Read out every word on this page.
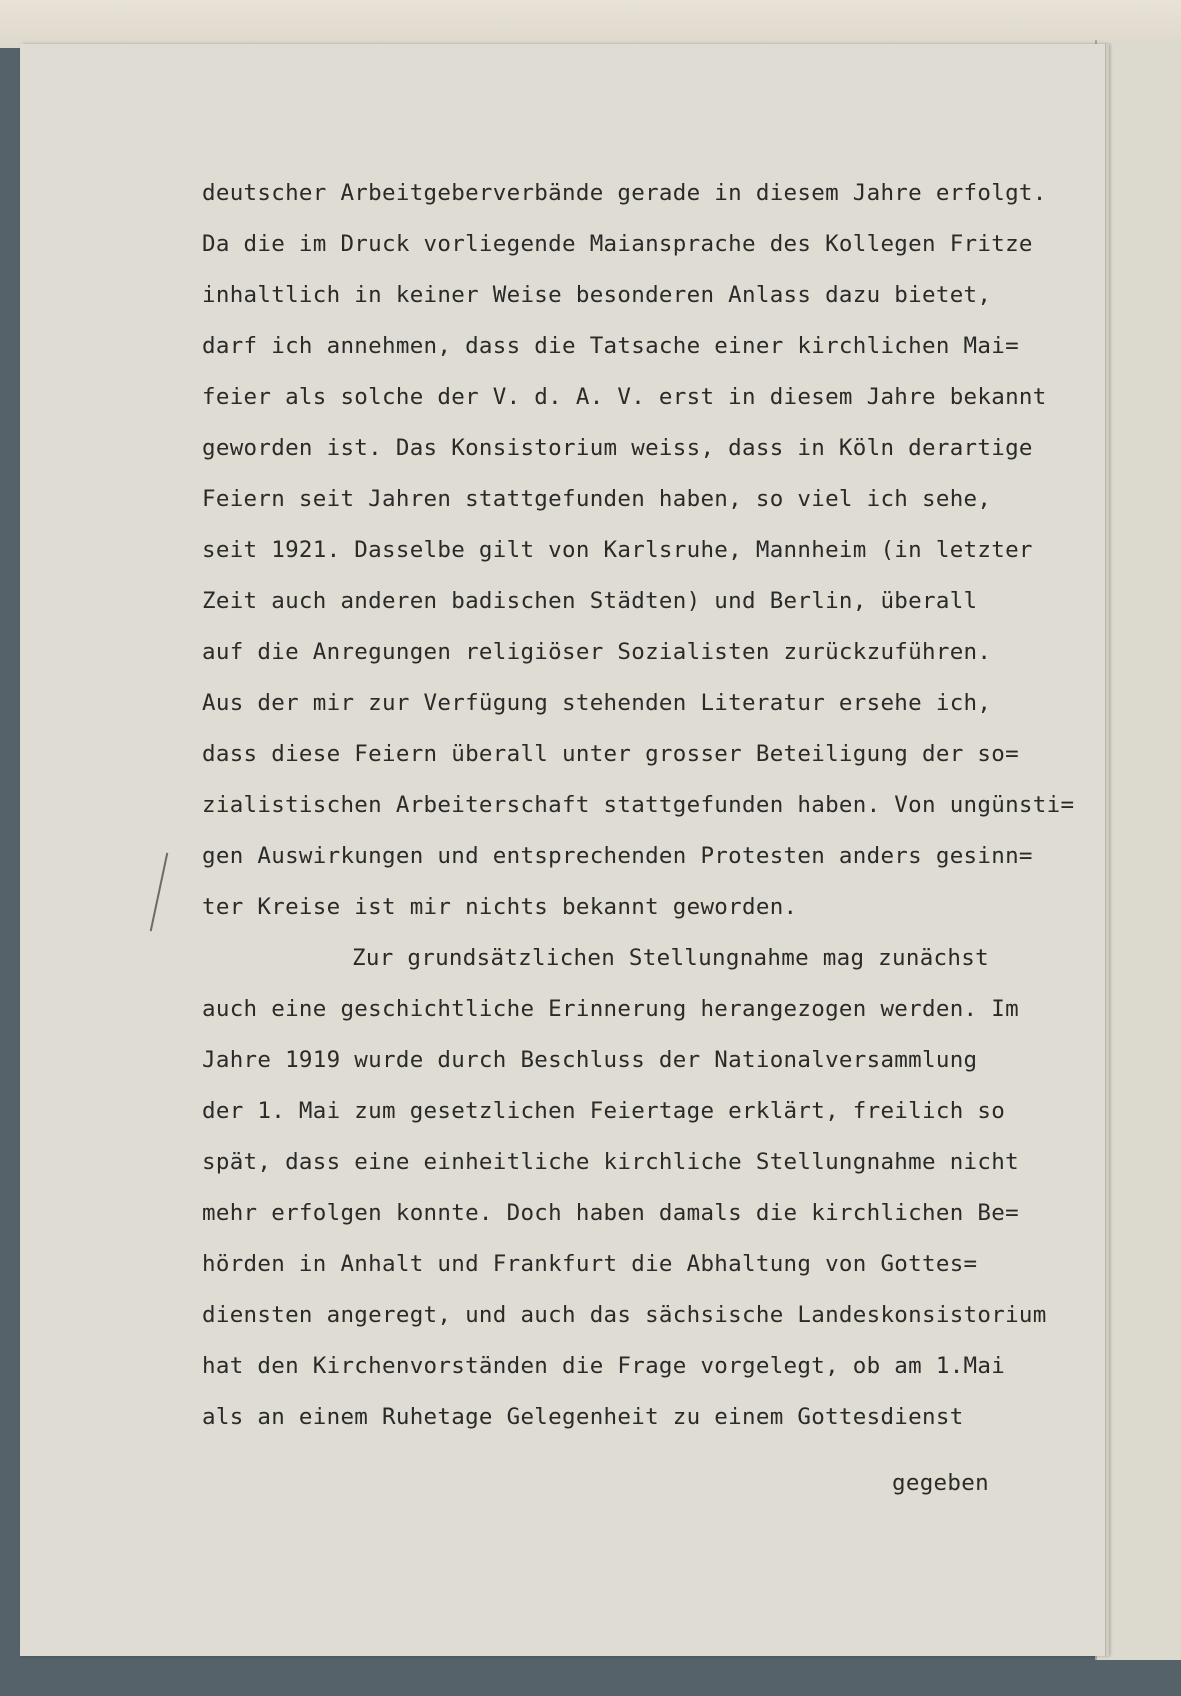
deutscher Arbeitgeberverbände gerade in diesem Jahre erfolgt.
Da die im Druck vorliegende Maiansprache des Kollegen Fritze
inhaltlich in keiner Weise besonderen Anlass dazu bietet,
darf ich annehmen, dass die Tatsache einer kirchlichen Mai=
feier als solche der V. d. A. V. erst in diesem Jahre bekannt
geworden ist. Das Konsistorium weiss, dass in Köln derartige
Feiern seit Jahren stattgefunden haben, so viel ich sehe,
seit 1921. Dasselbe gilt von Karlsruhe, Mannheim (in letzter
Zeit auch anderen badischen Städten) und Berlin, überall
auf die Anregungen religiöser Sozialisten zurückzuführen.
Aus der mir zur Verfügung stehenden Literatur ersehe ich,
dass diese Feiern überall unter grosser Beteiligung der so=
zialistischen Arbeiterschaft stattgefunden haben. Von ungünsti=
gen Auswirkungen und entsprechenden Protesten anders gesinn=
ter Kreise ist mir nichts bekannt geworden.
Zur grundsätzlichen Stellungnahme mag zunächst
auch eine geschichtliche Erinnerung herangezogen werden. Im
Jahre 1919 wurde durch Beschluss der Nationalversammlung
der 1. Mai zum gesetzlichen Feiertage erklärt, freilich so
spät, dass eine einheitliche kirchliche Stellungnahme nicht
mehr erfolgen konnte. Doch haben damals die kirchlichen Be=
hörden in Anhalt und Frankfurt die Abhaltung von Gottes=
diensten angeregt, und auch das sächsische Landeskonsistorium
hat den Kirchenvorständen die Frage vorgelegt, ob am 1.Mai
als an einem Ruhetage Gelegenheit zu einem Gottesdienst
gegeben
